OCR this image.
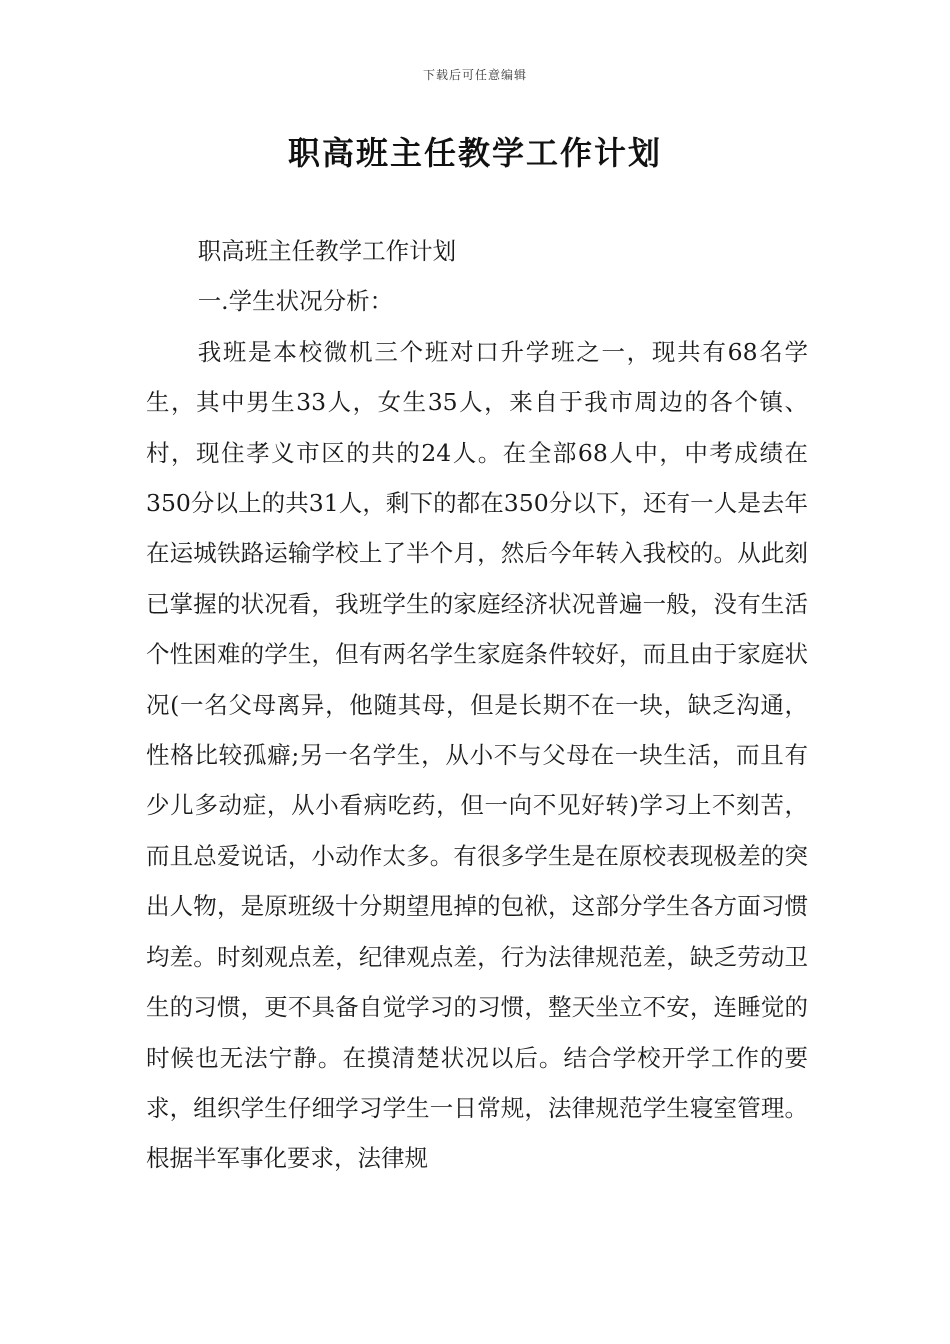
下载后可任意编辑
职高班主任教学工作计划

职高班主任教学工作计划

一.学生状况分析：

我班是本校微机三个班对口升学班之一，现共有68名学生，其中男生33人，女生35人，来自于我市周边的各个镇、村，现住孝义市区的共的24人。在全部68人中，中考成绩在350分以上的共31人，剩下的都在350分以下，还有一人是去年在运城铁路运输学校上了半个月，然后今年转入我校的。从此刻已掌握的状况看，我班学生的家庭经济状况普遍一般，没有生活个性困难的学生，但有两名学生家庭条件较好，而且由于家庭状况(一名父母离异，他随其母，但是长期不在一块，缺乏沟通，性格比较孤癖;另一名学生，从小不与父母在一块生活，而且有少儿多动症，从小看病吃药，但一向不见好转)学习上不刻苦，而且总爱说话，小动作太多。有很多学生是在原校表现极差的突出人物，是原班级十分期望甩掉的包袱，这部分学生各方面习惯均差。时刻观点差，纪律观点差，行为法律规范差，缺乏劳动卫生的习惯，更不具备自觉学习的习惯，整天坐立不安，连睡觉的时候也无法宁静。在摸清楚状况以后。结合学校开学工作的要求，组织学生仔细学习学生一日常规，法律规范学生寝室管理。根据半军事化要求，法律规
